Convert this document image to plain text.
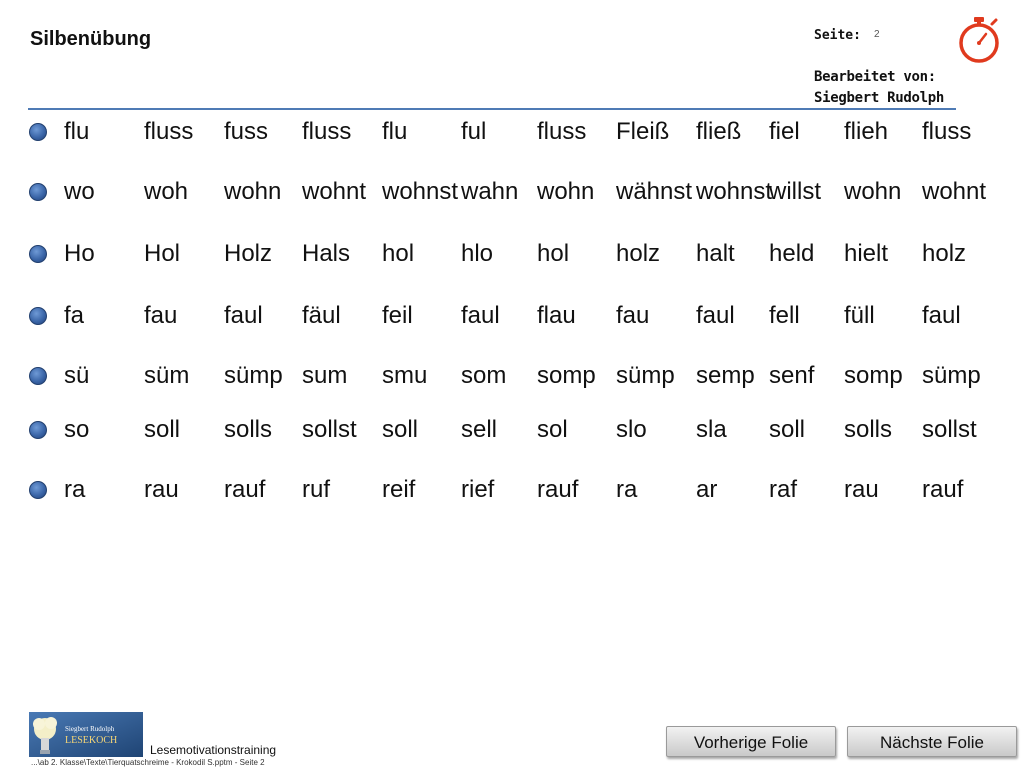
Silbenübung	Seite: 2
Bearbeitet von:
Siegbert Rudolph
flu fluss fuss fluss flu ful fluss Fleiß fließ fiel flieh fluss
wo woh wohn wohnt wohnst wahn wohn wähnst wohnst
willst wohn wohnt
Ho Hol Holz Hals hol hlo hol holz halt held hielt holz
fa fau faul fäul feil faul flau fau faul fell füll faul
sü süm sümp sum smu som somp sümp semp senf somp sümp
so soll solls sollst soll sell sol slo sla soll solls sollst
ra rau rauf ruf reif rief rauf ra ar raf rau rauf
Siegbert Rudolph
LESEKOCH
Lesemotivationstraining
...\ab 2. Klasse\Texte\Tierquatschreime - Krokodil S.pptm - Seite 2
Vorherige Folie	Nächste Folie
